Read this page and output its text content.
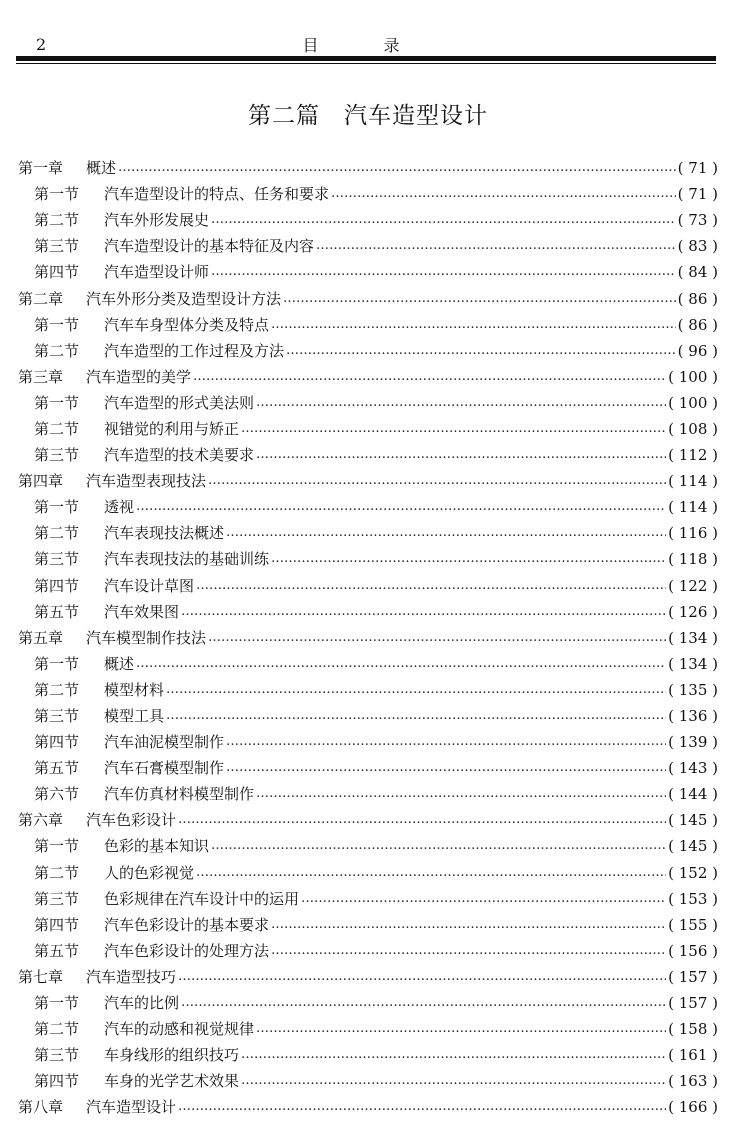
2	目 录
第二篇　汽车造型设计
第一章	概述 ………………………………………………………………………………………………………………………………………………………………………………	( 71 )
第一节	汽车造型设计的特点、任务和要求 ………………………………………………………………………………………………………………………………………………………………………………	( 71 )
第二节	汽车外形发展史 ………………………………………………………………………………………………………………………………………………………………………………	( 73 )
第三节	汽车造型设计的基本特征及内容 ………………………………………………………………………………………………………………………………………………………………………………	( 83 )
第四节	汽车造型设计师 ………………………………………………………………………………………………………………………………………………………………………………	( 84 )
第二章	汽车外形分类及造型设计方法 ………………………………………………………………………………………………………………………………………………………………………………	( 86 )
第一节	汽车车身型体分类及特点 ………………………………………………………………………………………………………………………………………………………………………………	( 86 )
第二节	汽车造型的工作过程及方法 ………………………………………………………………………………………………………………………………………………………………………………	( 96 )
第三章	汽车造型的美学 ………………………………………………………………………………………………………………………………………………………………………………	( 100 )
第一节	汽车造型的形式美法则 ………………………………………………………………………………………………………………………………………………………………………………	( 100 )
第二节	视错觉的利用与矫正 ………………………………………………………………………………………………………………………………………………………………………………	( 108 )
第三节	汽车造型的技术美要求 ………………………………………………………………………………………………………………………………………………………………………………	( 112 )
第四章	汽车造型表现技法 ………………………………………………………………………………………………………………………………………………………………………………	( 114 )
第一节	透视 ………………………………………………………………………………………………………………………………………………………………………………	( 114 )
第二节	汽车表现技法概述 ………………………………………………………………………………………………………………………………………………………………………………	( 116 )
第三节	汽车表现技法的基础训练 ………………………………………………………………………………………………………………………………………………………………………………	( 118 )
第四节	汽车设计草图 ………………………………………………………………………………………………………………………………………………………………………………	( 122 )
第五节	汽车效果图 ………………………………………………………………………………………………………………………………………………………………………………	( 126 )
第五章	汽车模型制作技法 ………………………………………………………………………………………………………………………………………………………………………………	( 134 )
第一节	概述 ………………………………………………………………………………………………………………………………………………………………………………	( 134 )
第二节	模型材料 ………………………………………………………………………………………………………………………………………………………………………………	( 135 )
第三节	模型工具 ………………………………………………………………………………………………………………………………………………………………………………	( 136 )
第四节	汽车油泥模型制作 ………………………………………………………………………………………………………………………………………………………………………………	( 139 )
第五节	汽车石膏模型制作 ………………………………………………………………………………………………………………………………………………………………………………	( 143 )
第六节	汽车仿真材料模型制作 ………………………………………………………………………………………………………………………………………………………………………………	( 144 )
第六章	汽车色彩设计 ………………………………………………………………………………………………………………………………………………………………………………	( 145 )
第一节	色彩的基本知识 ………………………………………………………………………………………………………………………………………………………………………………	( 145 )
第二节	人的色彩视觉 ………………………………………………………………………………………………………………………………………………………………………………	( 152 )
第三节	色彩规律在汽车设计中的运用 ………………………………………………………………………………………………………………………………………………………………………………	( 153 )
第四节	汽车色彩设计的基本要求 ………………………………………………………………………………………………………………………………………………………………………………	( 155 )
第五节	汽车色彩设计的处理方法 ………………………………………………………………………………………………………………………………………………………………………………	( 156 )
第七章	汽车造型技巧 ………………………………………………………………………………………………………………………………………………………………………………	( 157 )
第一节	汽车的比例 ………………………………………………………………………………………………………………………………………………………………………………	( 157 )
第二节	汽车的动感和视觉规律 ………………………………………………………………………………………………………………………………………………………………………………	( 158 )
第三节	车身线形的组织技巧 ………………………………………………………………………………………………………………………………………………………………………………	( 161 )
第四节	车身的光学艺术效果 ………………………………………………………………………………………………………………………………………………………………………………	( 163 )
第八章	汽车造型设计 ………………………………………………………………………………………………………………………………………………………………………………	( 166 )
